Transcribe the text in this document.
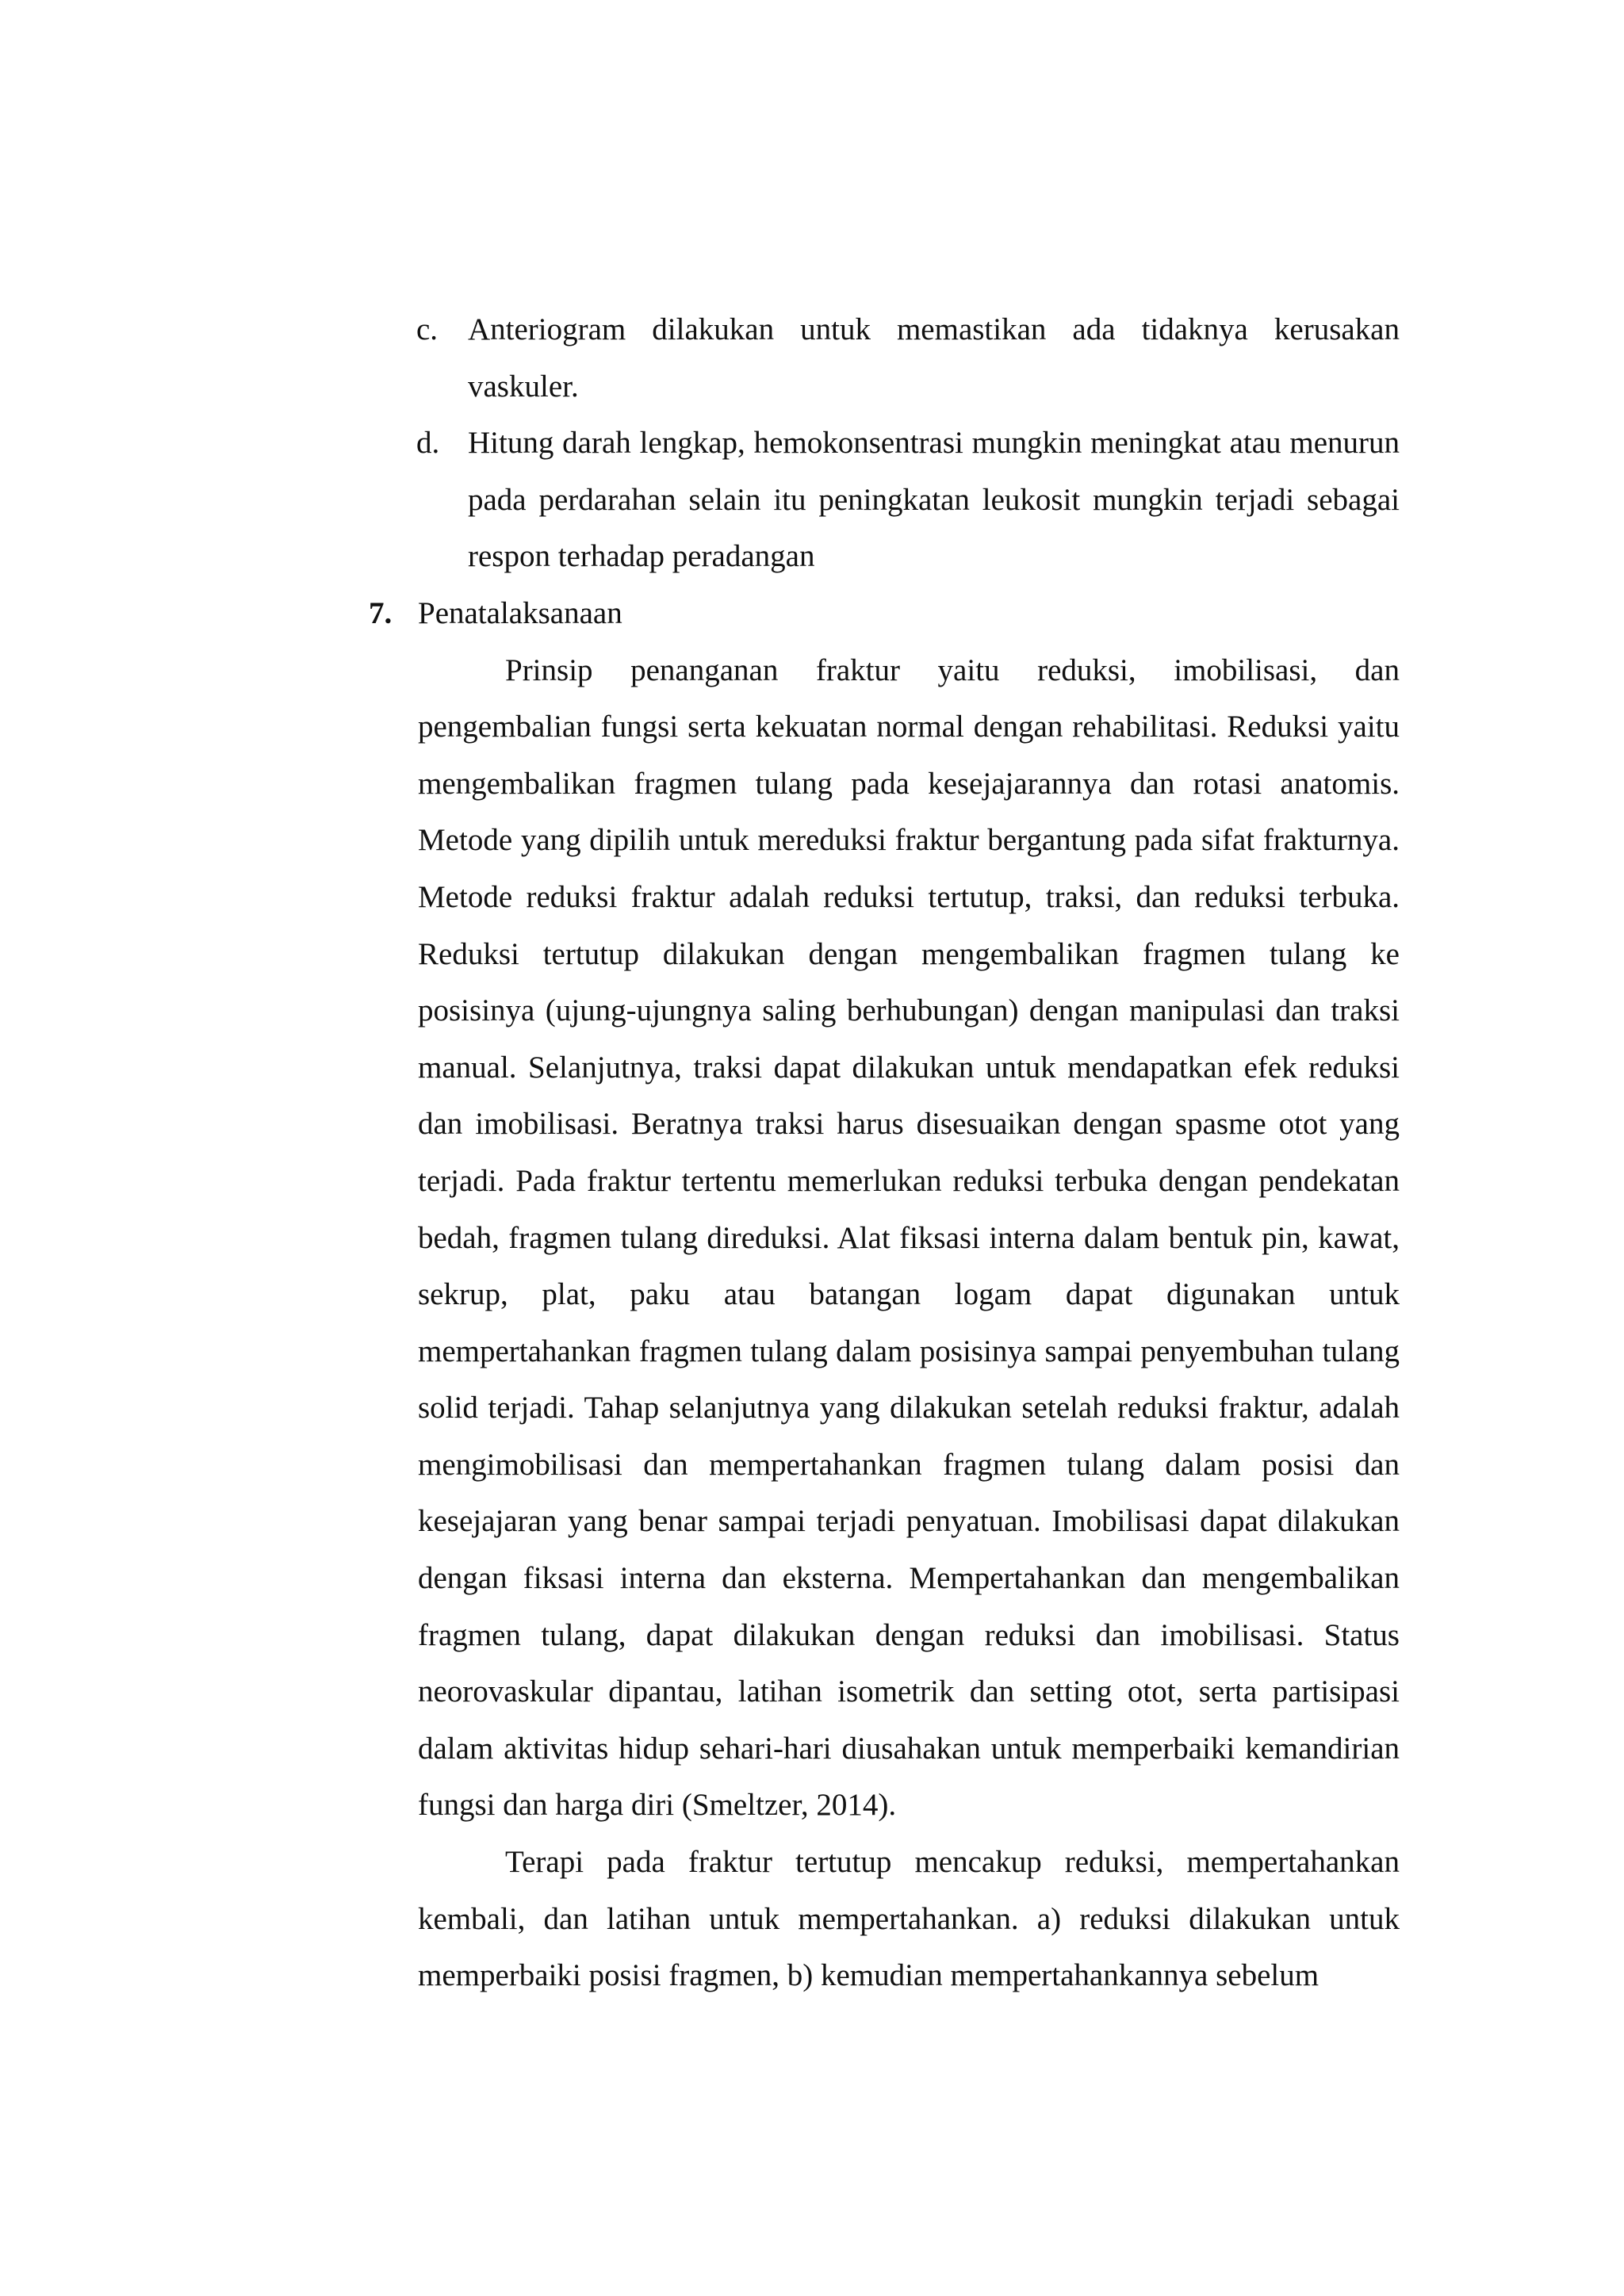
c. Anteriogram dilakukan untuk memastikan ada tidaknya kerusakan vaskuler.
d. Hitung darah lengkap, hemokonsentrasi mungkin meningkat atau menurun pada perdarahan selain itu peningkatan leukosit mungkin terjadi sebagai respon terhadap peradangan
7. Penatalaksanaan

Prinsip penanganan fraktur yaitu reduksi, imobilisasi, dan pengembalian fungsi serta kekuatan normal dengan rehabilitasi. Reduksi yaitu mengembalikan fragmen tulang pada kesejajarannya dan rotasi anatomis. Metode yang dipilih untuk mereduksi fraktur bergantung pada sifat frakturnya. Metode reduksi fraktur adalah reduksi tertutup, traksi, dan reduksi terbuka. Reduksi tertutup dilakukan dengan mengembalikan fragmen tulang ke posisinya (ujung-ujungnya saling berhubungan) dengan manipulasi dan traksi manual. Selanjutnya, traksi dapat dilakukan untuk mendapatkan efek reduksi dan imobilisasi. Beratnya traksi harus disesuaikan dengan spasme otot yang terjadi. Pada fraktur tertentu memerlukan reduksi terbuka dengan pendekatan bedah, fragmen tulang direduksi. Alat fiksasi interna dalam bentuk pin, kawat, sekrup, plat, paku atau batangan logam dapat digunakan untuk mempertahankan fragmen tulang dalam posisinya sampai penyembuhan tulang solid terjadi. Tahap selanjutnya yang dilakukan setelah reduksi fraktur, adalah mengimobilisasi dan mempertahankan fragmen tulang dalam posisi dan kesejajaran yang benar sampai terjadi penyatuan. Imobilisasi dapat dilakukan dengan fiksasi interna dan eksterna. Mempertahankan dan mengembalikan fragmen tulang, dapat dilakukan dengan reduksi dan imobilisasi. Status neorovaskular dipantau, latihan isometrik dan setting otot, serta partisipasi dalam aktivitas hidup sehari-hari diusahakan untuk memperbaiki kemandirian fungsi dan harga diri (Smeltzer, 2014).

Terapi pada fraktur tertutup mencakup reduksi, mempertahankan kembali, dan latihan untuk mempertahankan. a) reduksi dilakukan untuk memperbaiki posisi fragmen, b) kemudian mempertahankannya sebelum
